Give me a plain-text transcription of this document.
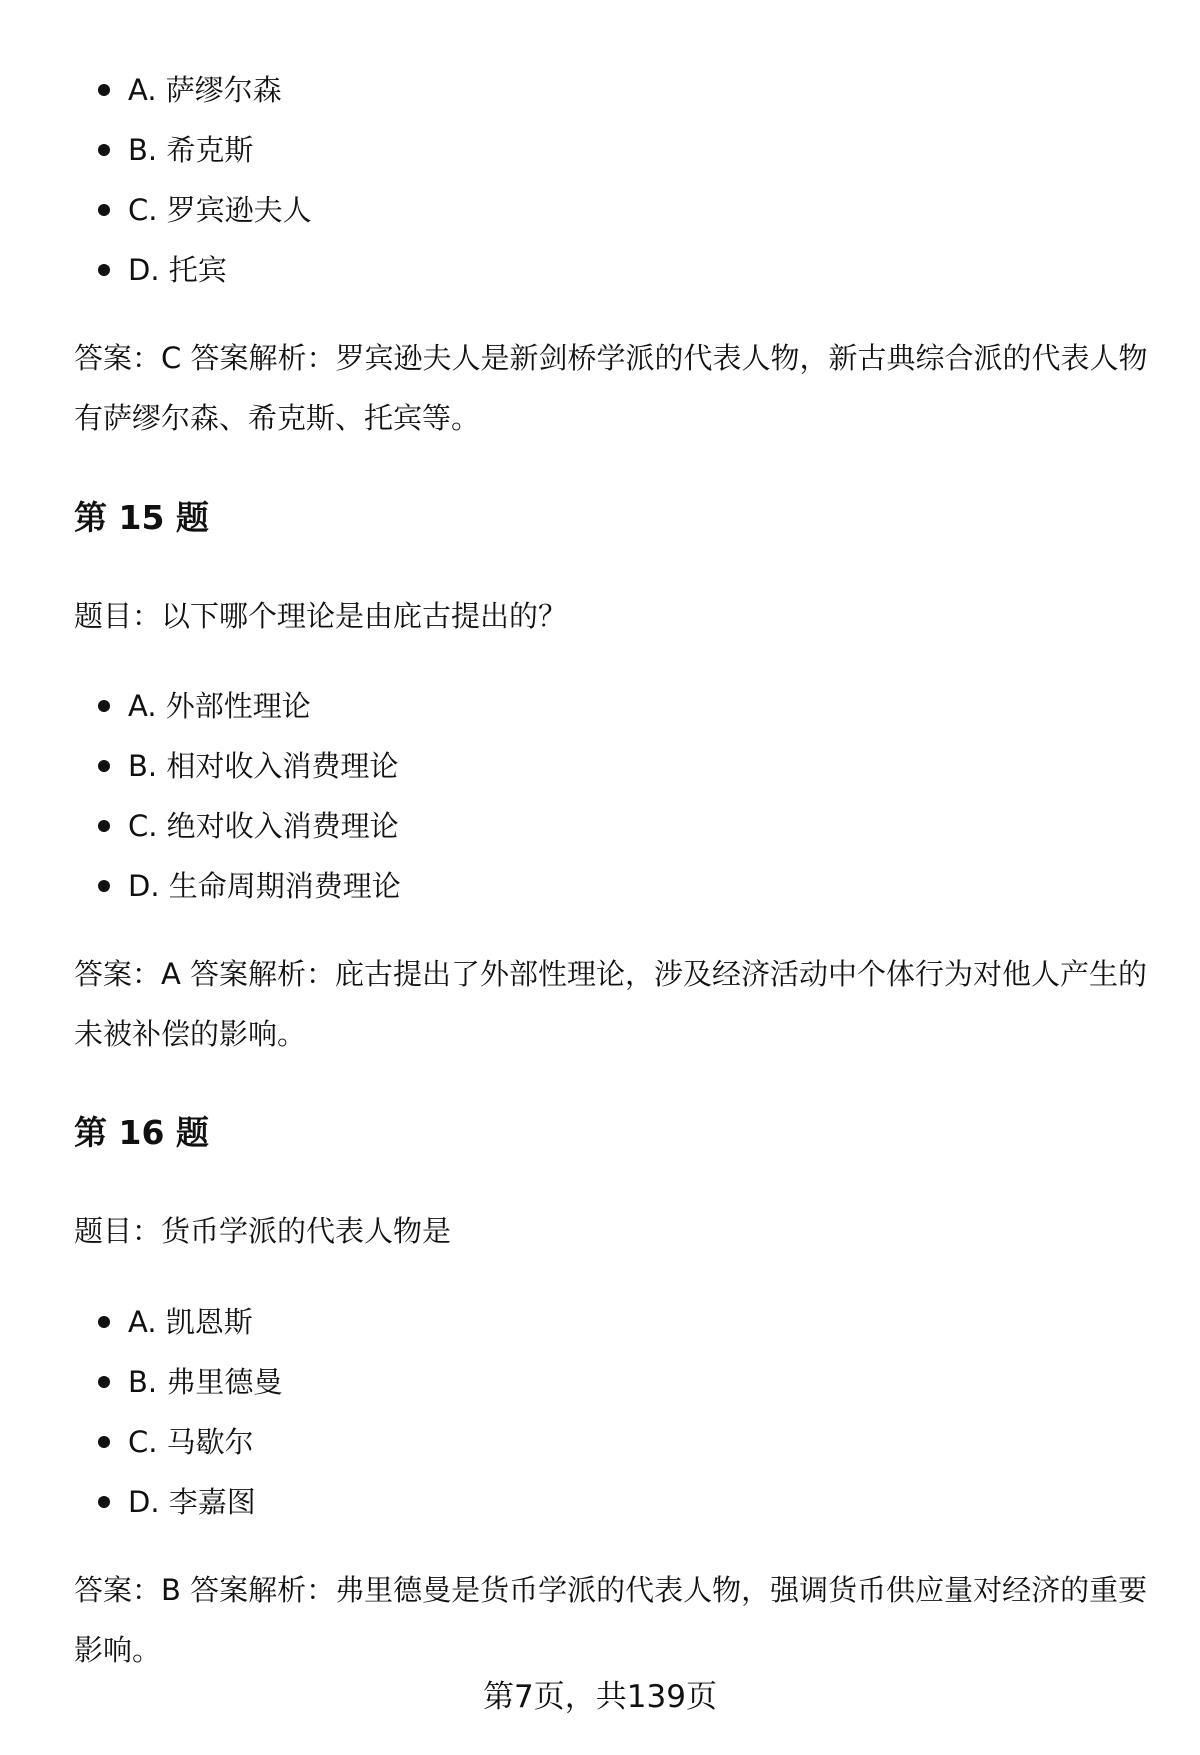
A. 萨缪尔森
B. 希克斯
C. 罗宾逊夫人
D. 托宾

答案：C 答案解析：罗宾逊夫人是新剑桥学派的代表人物，新古典综合派的代表人物有萨缪尔森、希克斯、托宾等。

第 15 题

题目：以下哪个理论是由庇古提出的？

A. 外部性理论
B. 相对收入消费理论
C. 绝对收入消费理论
D. 生命周期消费理论

答案：A 答案解析：庇古提出了外部性理论，涉及经济活动中个体行为对他人产生的未被补偿的影响。

第 16 题

题目：货币学派的代表人物是

A. 凯恩斯
B. 弗里德曼
C. 马歇尔
D. 李嘉图

答案：B 答案解析：弗里德曼是货币学派的代表人物，强调货币供应量对经济的重要影响。

第7页，共139页
